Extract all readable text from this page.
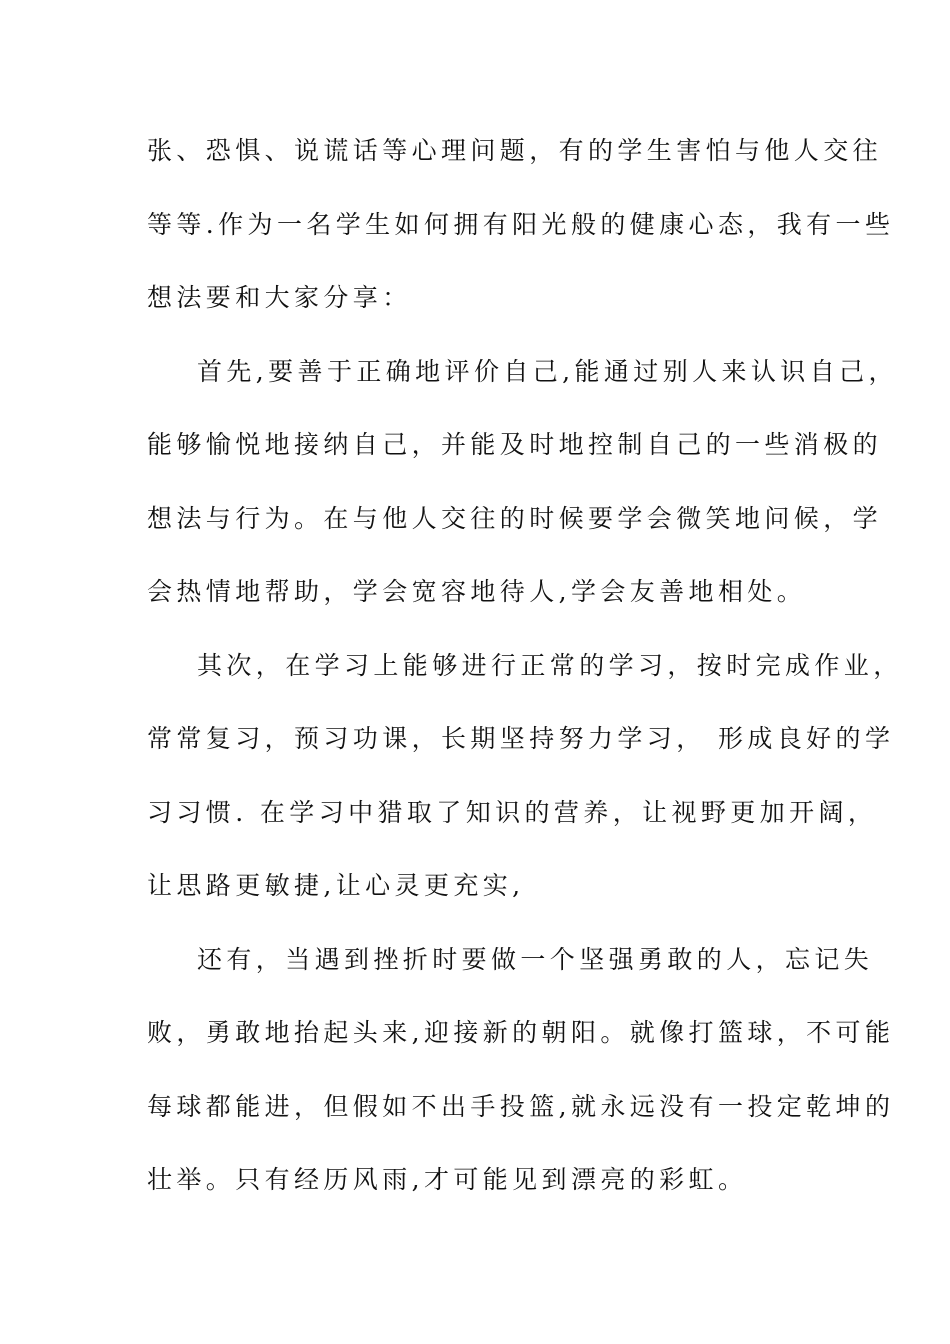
张、恐惧、说谎话等心理问题，有的学生害怕与他人交往
等等.作为一名学生如何拥有阳光般的健康心态，我有一些
想法要和大家分享：
首先,要善于正确地评价自己,能通过别人来认识自己，
能够愉悦地接纳自己，并能及时地控制自己的一些消极的
想法与行为。在与他人交往的时候要学会微笑地问候，学
会热情地帮助，学会宽容地待人,学会友善地相处。
其次，在学习上能够进行正常的学习，按时完成作业，
常常复习，预习功课，长期坚持努力学习， 形成良好的学
习习惯. 在学习中猎取了知识的营养，让视野更加开阔，
让思路更敏捷,让心灵更充实,
还有，当遇到挫折时要做一个坚强勇敢的人，忘记失
败，勇敢地抬起头来,迎接新的朝阳。就像打篮球，不可能
每球都能进，但假如不出手投篮,就永远没有一投定乾坤的
壮举。只有经历风雨,才可能见到漂亮的彩虹。
